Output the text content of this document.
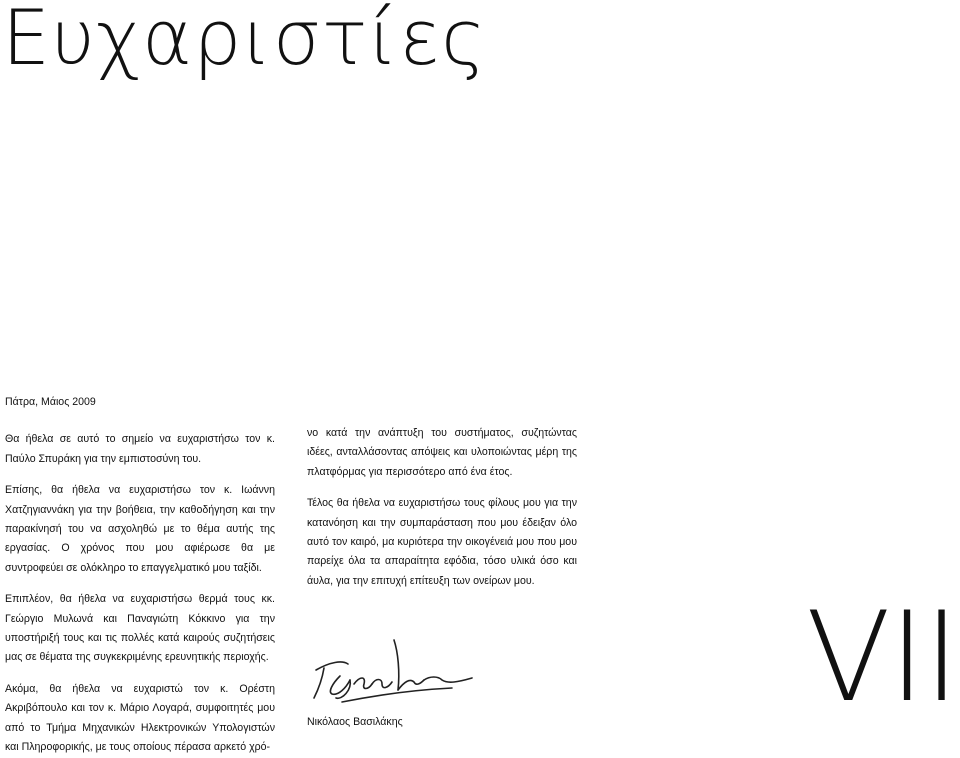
Ευχαριστίες

Πάτρα, Μάιος 2009

Θα ήθελα σε αυτό το σημείο να ευχαριστήσω τον κ. Παύλο Σπυράκη για την εμπιστοσύνη του.

Επίσης, θα ήθελα να ευχαριστήσω τον κ. Ιωάννη Χατζηγιαννάκη για την βοήθεια, την καθοδήγηση και την παρακίνησή του να ασχοληθώ με το θέμα αυτής της εργασίας. Ο χρόνος που μου αφιέρωσε θα με συντροφεύει σε ολόκληρο το επαγγελματικό μου ταξίδι.

Επιπλέον, θα ήθελα να ευχαριστήσω θερμά τους κκ. Γεώργιο Μυλωνά και Παναγιώτη Κόκκινο για την υποστήριξή τους και τις πολλές κατά καιρούς συζητήσεις μας σε θέματα της συγκεκριμένης ερευνητικής περιοχής.

Ακόμα, θα ήθελα να ευχαριστώ τον κ. Ορέστη Ακριβόπουλο και τον κ. Μάριο Λογαρά, συμφοιτητές μου από το Τμήμα Μηχανικών Ηλεκτρονικών Υπολογιστών και Πληροφορικής, με τους οποίους πέρασα αρκετό χρό-

νο κατά την ανάπτυξη του συστήματος, συζητώντας ιδέες, ανταλλάσοντας απόψεις και υλοποιώντας μέρη της πλατφόρμας για περισσότερο από ένα έτος.

Τέλος θα ήθελα να ευχαριστήσω τους φίλους μου για την κατανόηση και την συμπαράσταση που μου έδειξαν όλο αυτό τον καιρό, μα κυριότερα την οικογένειά μου που μου παρείχε όλα τα απαραίτητα εφόδια, τόσο υλικά όσο και άυλα, για την επιτυχή επίτευξη των ονείρων μου.

Νικόλαος Βασιλάκης	VII
